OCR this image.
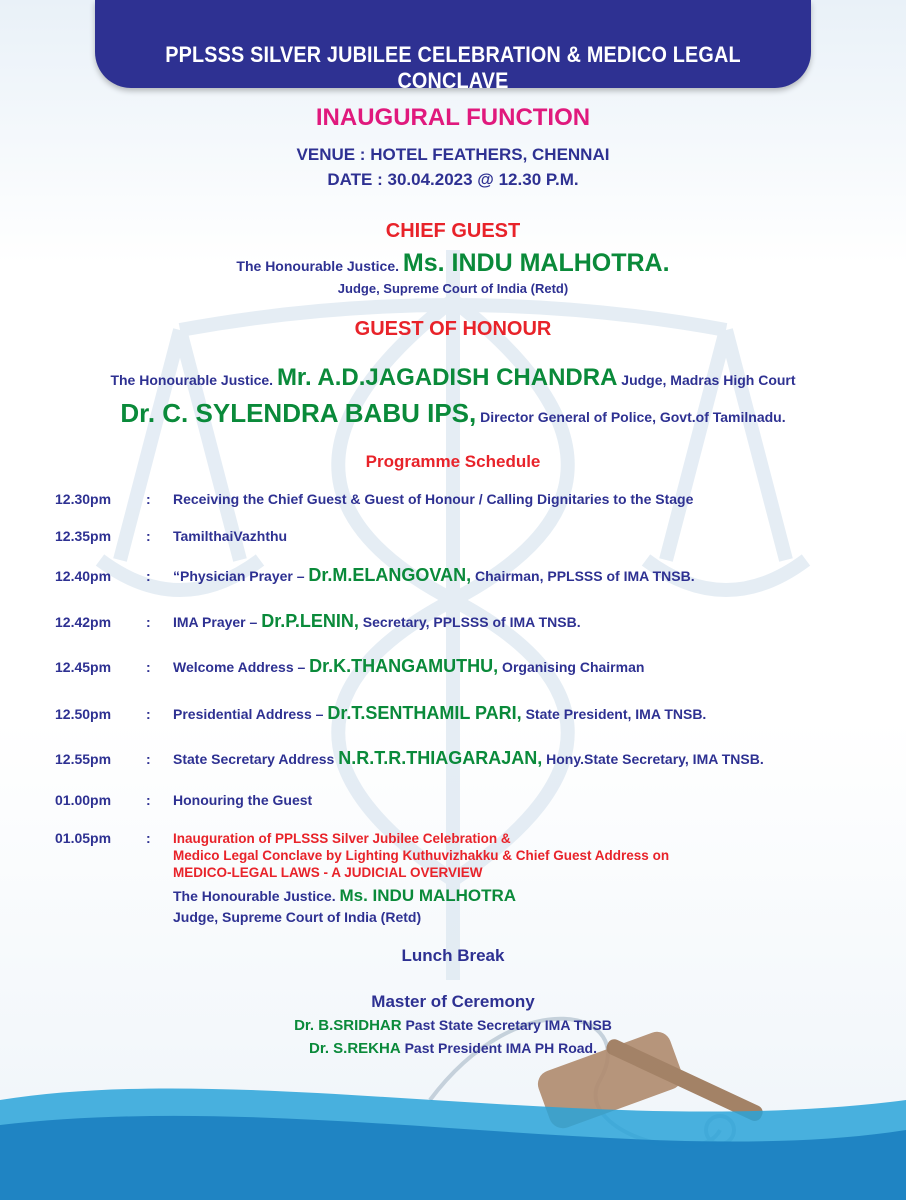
PPLSSS SILVER JUBILEE CELEBRATION & MEDICO LEGAL CONCLAVE
INAUGURAL FUNCTION
VENUE : HOTEL FEATHERS, CHENNAI
DATE : 30.04.2023 @ 12.30 P.M.
CHIEF GUEST
The Honourable Justice. Ms. INDU MALHOTRA.
Judge, Supreme Court of India (Retd)
GUEST OF HONOUR
The Honourable Justice. Mr. A.D.JAGADISH CHANDRA Judge, Madras High Court
Dr. C. SYLENDRA BABU IPS, Director General of Police, Govt.of Tamilnadu.
Programme Schedule
12.30pm : Receiving the Chief Guest & Guest of Honour / Calling Dignitaries to the Stage
12.35pm : TamilthaiVazhthu
12.40pm : “Physician Prayer – Dr.M.ELANGOVAN, Chairman, PPLSSS of IMA TNSB.
12.42pm : IMA Prayer – Dr.P.LENIN, Secretary, PPLSSS of IMA TNSB.
12.45pm : Welcome Address – Dr.K.THANGAMUTHU, Organising Chairman
12.50pm : Presidential Address – Dr.T.SENTHAMIL PARI, State President, IMA TNSB.
12.55pm : State Secretary Address N.R.T.R.THIAGARAJAN, Hony.State Secretary, IMA TNSB.
01.00pm : Honouring the Guest
01.05pm : Inauguration of PPLSSS Silver Jubilee Celebration &
Medico Legal Conclave by Lighting Kuthuvizhakku & Chief Guest Address on
MEDICO-LEGAL LAWS - A JUDICIAL OVERVIEW
The Honourable Justice. Ms. INDU MALHOTRA
Judge, Supreme Court of India (Retd)
Lunch Break
Master of Ceremony
Dr. B.SRIDHAR Past State Secretary IMA TNSB
Dr. S.REKHA Past President IMA PH Road.
